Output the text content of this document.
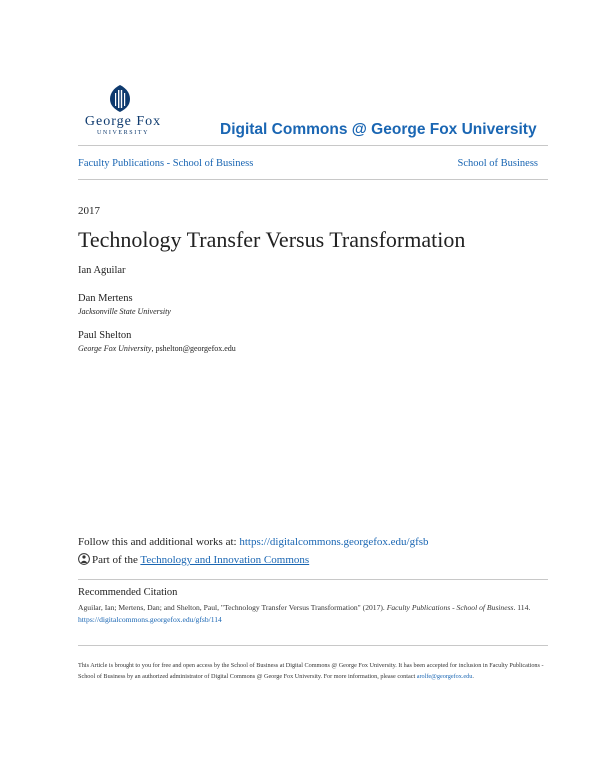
George Fox
UNIVERSITY	Digital Commons @ George Fox University
Faculty Publications - School of Business	School of Business
2017
Technology Transfer Versus Transformation
Ian Aguilar
Dan Mertens
Jacksonville State University
Paul Shelton
George Fox University, pshelton@georgefox.edu
Follow this and additional works at: https://digitalcommons.georgefox.edu/gfsb
Part of the Technology and Innovation Commons
Recommended Citation
Aguilar, Ian; Mertens, Dan; and Shelton, Paul, "Technology Transfer Versus Transformation" (2017). Faculty Publications - School of Business. 114.
https://digitalcommons.georgefox.edu/gfsb/114
This Article is brought to you for free and open access by the School of Business at Digital Commons @ George Fox University. It has been accepted for inclusion in Faculty Publications - School of Business by an authorized administrator of Digital Commons @ George Fox University. For more information, please contact arolfe@georgefox.edu.
